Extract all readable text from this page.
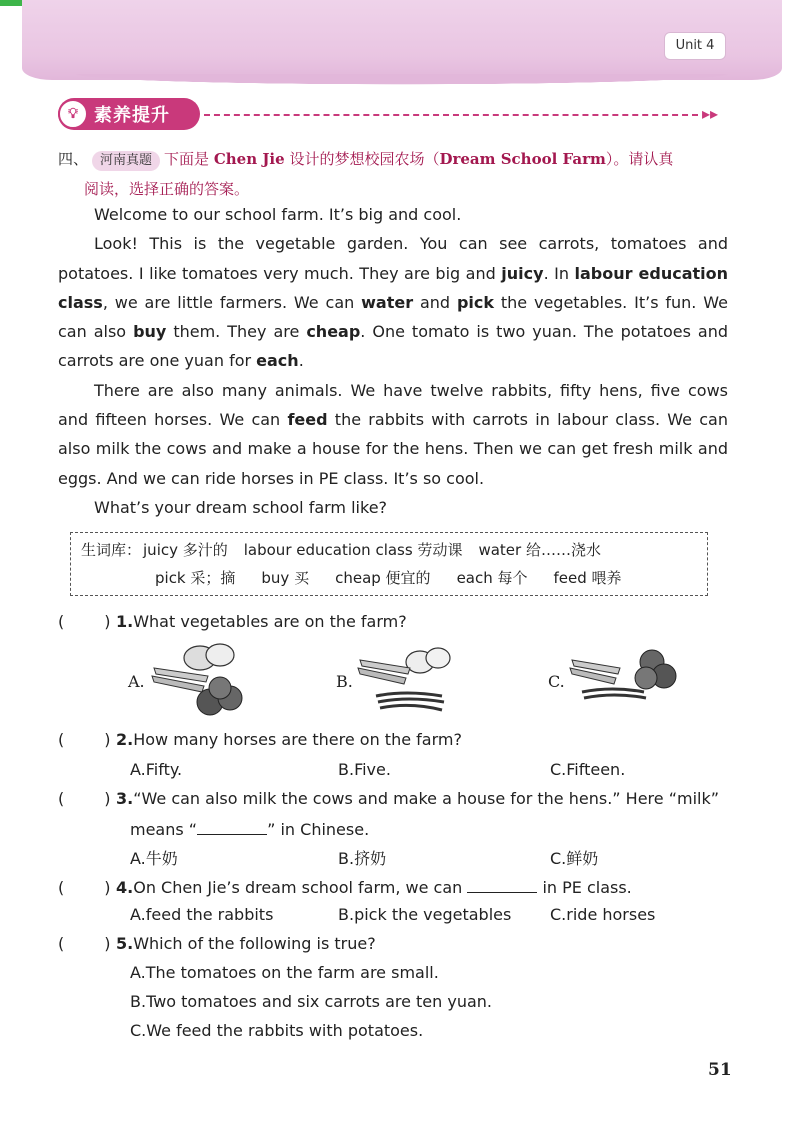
Unit 4
💡︎ 素养提升	▸▸
四、 河南真题 下面是 Chen Jie 设计的梦想校园农场（Dream School Farm）。请认真
阅读，选择正确的答案。

Welcome to our school farm. It’s big and cool.

Look! This is the vegetable garden. You can see carrots, tomatoes and potatoes. I like tomatoes very much. They are big and juicy. In labour education class, we are little farmers. We can water and pick the vegetables. It’s fun. We can also buy them. They are cheap. One tomato is two yuan. The potatoes and carrots are one yuan for each.

There are also many animals. We have twelve rabbits, fifty hens, five cows and fifteen horses. We can feed the rabbits with carrots in labour class. We can also milk the cows and make a house for the hens. Then we can get fresh milk and eggs. And we can ride horses in PE class. It’s so cool.

What’s your dream school farm like?

生词库： juicy 多汁的 labour education class 劳动课 water 给……浇水
pick 采；摘 buy 买 cheap 便宜的 each 每个 feed 喂养
(	) 1.What vegetables are on the farm?
A.	B.	C.
(	) 2.How many horses are there on the farm?
A.Fifty.	B.Five.	C.Fifteen.
(	) 3.“We can also milk the cows and make a house for the hens.” Here “milk”
means “	” in Chinese.
A.牛奶	B.挤奶	C.鲜奶
(	) 4.On Chen Jie’s dream school farm, we can	in PE class.
A.feed the rabbits	B.pick the vegetables C.ride horses
(	) 5.Which of the following is true?
A.The tomatoes on the farm are small.
B.Two tomatoes and six carrots are ten yuan.
C.We feed the rabbits with potatoes.
51
